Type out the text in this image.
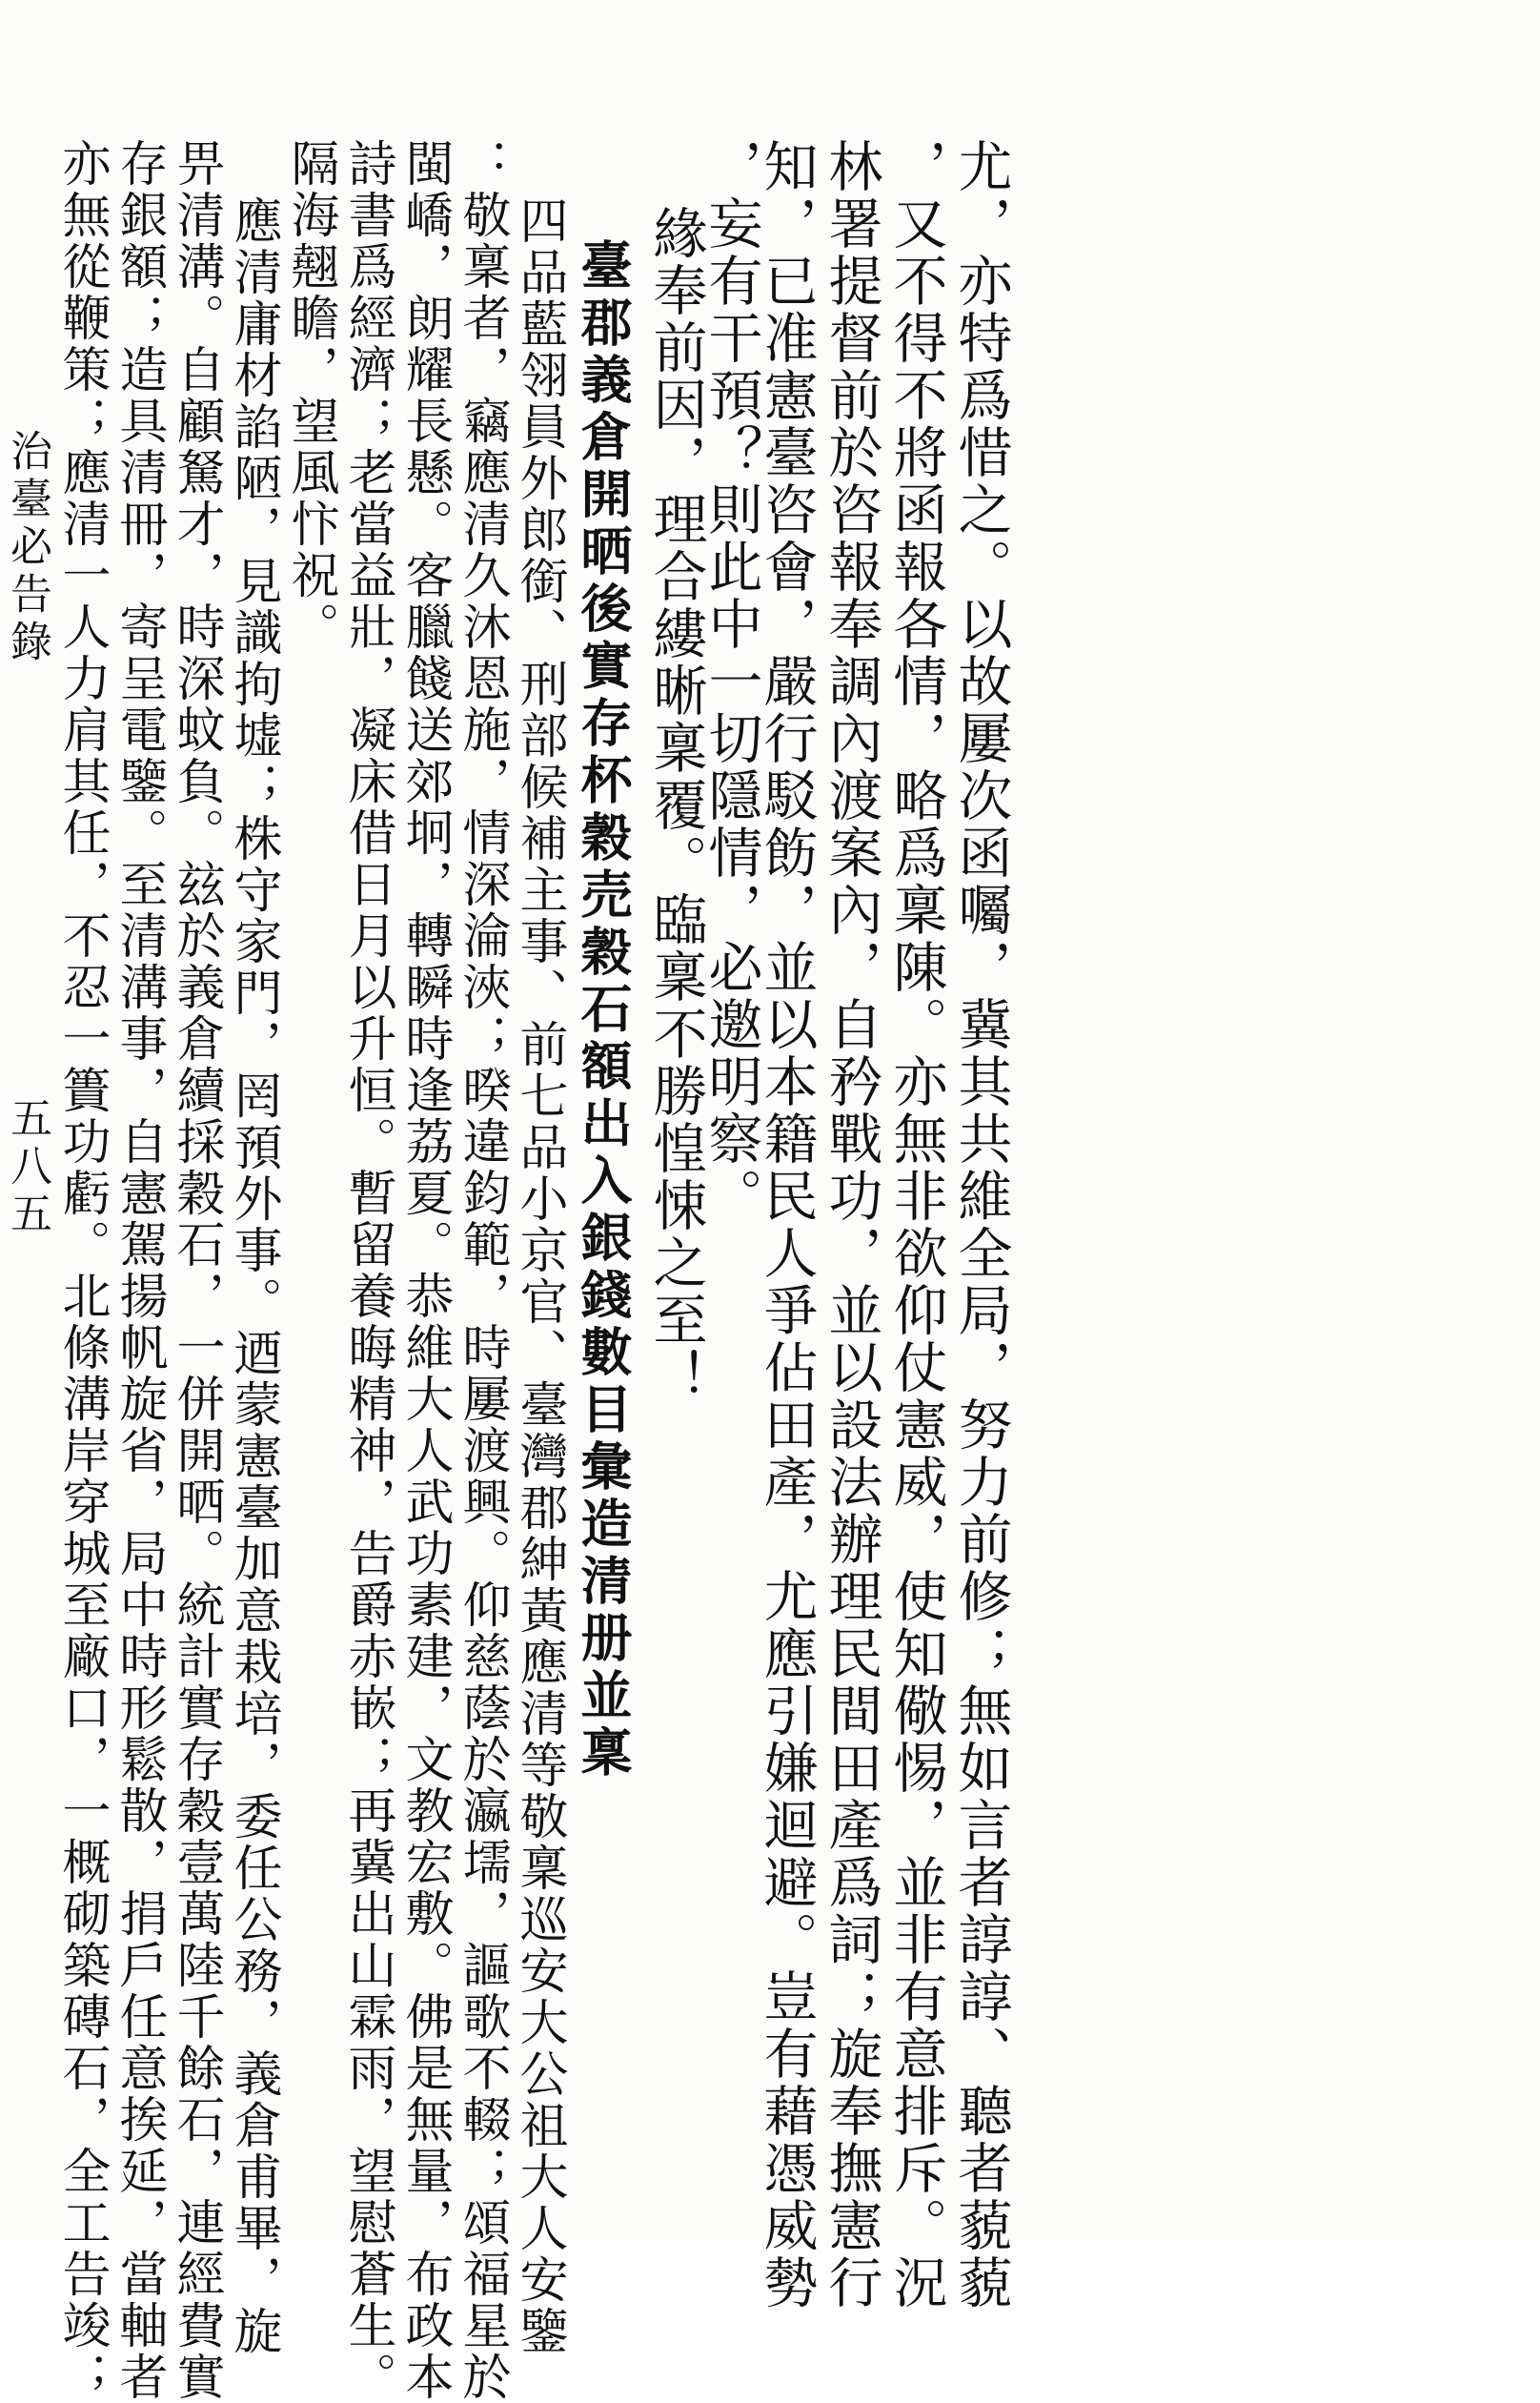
尤，亦特爲惜之。以故屢次函囑，冀其共維全局，努力前修；無如言者諄諄、聽者藐藐
，又不得不將函報各情，略爲稟陳。亦無非欲仰仗憲威，使知儆惕，並非有意排斥。況
林署提督前於咨報奉調內渡案內，自矜戰功，並以設法辦理民間田產爲詞；旋奉撫憲行
知，已准憲臺咨會，嚴行駁飭，並以本籍民人爭佔田產，尤應引嫌迴避。豈有藉憑威勢
，妄有干預？則此中一切隱情，必邀明察。
緣奉前因，理合縷晰稟覆。臨稟不勝惶悚之至！
臺郡義倉開晒後實存杯穀売穀石額出入銀錢數目彙造清册並稟
四品藍翎員外郎銜、刑部候補主事、前七品小京官、臺灣郡紳黃應清等敬稟巡安大公祖大人安鑒
：敬稟者，竊應清久沐恩施，情深淪浹；暌違鈞範，時屢渡興。仰慈蔭於瀛壖，謳歌不輟；頌福星於
閩嶠，朗耀長懸。客臘餞送郊坰，轉瞬時逢荔夏。恭維大人武功素建，文教宏敷。佛是無量，布政本
詩書爲經濟；老當益壯，凝床借日月以升恒。暫留養晦精神，告爵赤嵌；再冀出山霖雨，望慰蒼生。
隔海翹瞻，望風忭祝。
應清庸材諂陋，見識拘墟；株守家門，罔預外事。迺蒙憲臺加意栽培，委任公務，義倉甫畢，旋
畀清溝。自顧駑才，時深蚊負。玆於義倉續採穀石，一併開晒。統計實存穀壹萬陸千餘石，連經費實
存銀額；造具清冊，寄呈電鑒。至清溝事，自憲駕揚帆旋省，局中時形鬆散，捐戶任意挨延，當軸者
亦無從鞭策；應清一人力肩其任，不忍一簣功虧。北條溝岸穿城至廠口，一概砌築磚石，全工告竣；
治臺必告錄
五八五
